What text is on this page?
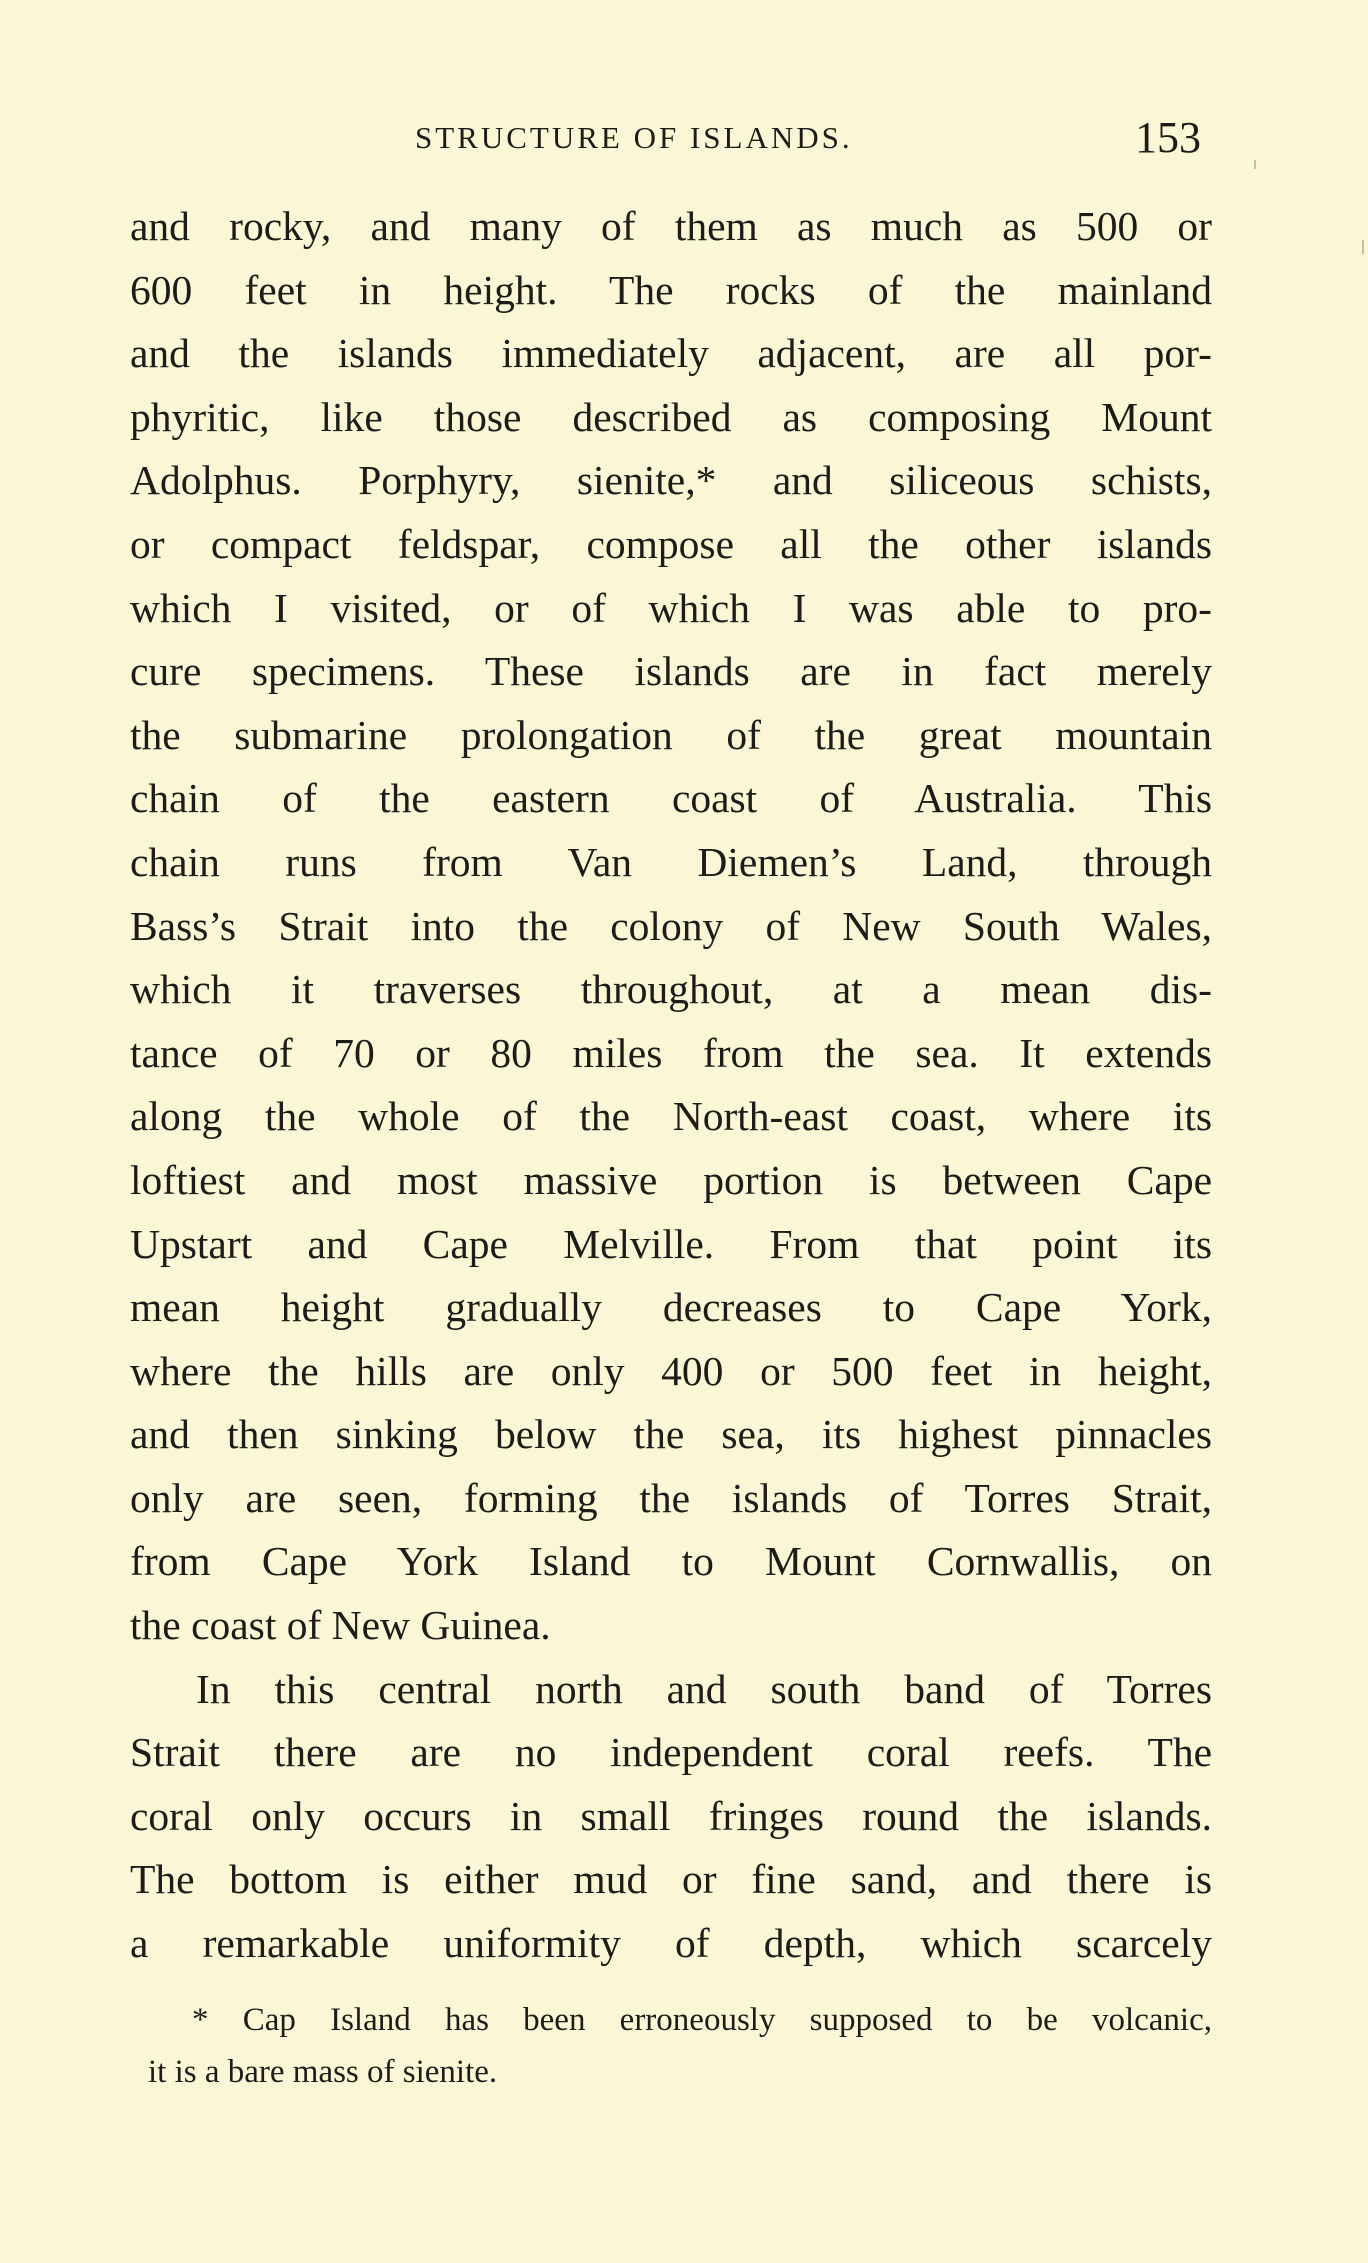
STRUCTURE OF ISLANDS.	153
and rocky, and many of them as much as 500 or
600 feet in height. The rocks of the mainland
and the islands immediately adjacent, are all por-
phyritic, like those described as composing Mount
Adolphus. Porphyry, sienite,* and siliceous schists,
or compact feldspar, compose all the other islands
which I visited, or of which I was able to pro-
cure specimens. These islands are in fact merely
the submarine prolongation of the great mountain
chain of the eastern coast of Australia. This
chain runs from Van Diemen’s Land, through
Bass’s Strait into the colony of New South Wales,
which it traverses throughout, at a mean dis-
tance of 70 or 80 miles from the sea. It extends
along the whole of the North-east coast, where its
loftiest and most massive portion is between Cape
Upstart and Cape Melville. From that point its
mean height gradually decreases to Cape York,
where the hills are only 400 or 500 feet in height,
and then sinking below the sea, its highest pinnacles
only are seen, forming the islands of Torres Strait,
from Cape York Island to Mount Cornwallis, on
the coast of New Guinea.
In this central north and south band of Torres
Strait there are no independent coral reefs. The
coral only occurs in small fringes round the islands.
The bottom is either mud or fine sand, and there is
a remarkable uniformity of depth, which scarcely
* Cap Island has been erroneously supposed to be volcanic,
it is a bare mass of sienite.
